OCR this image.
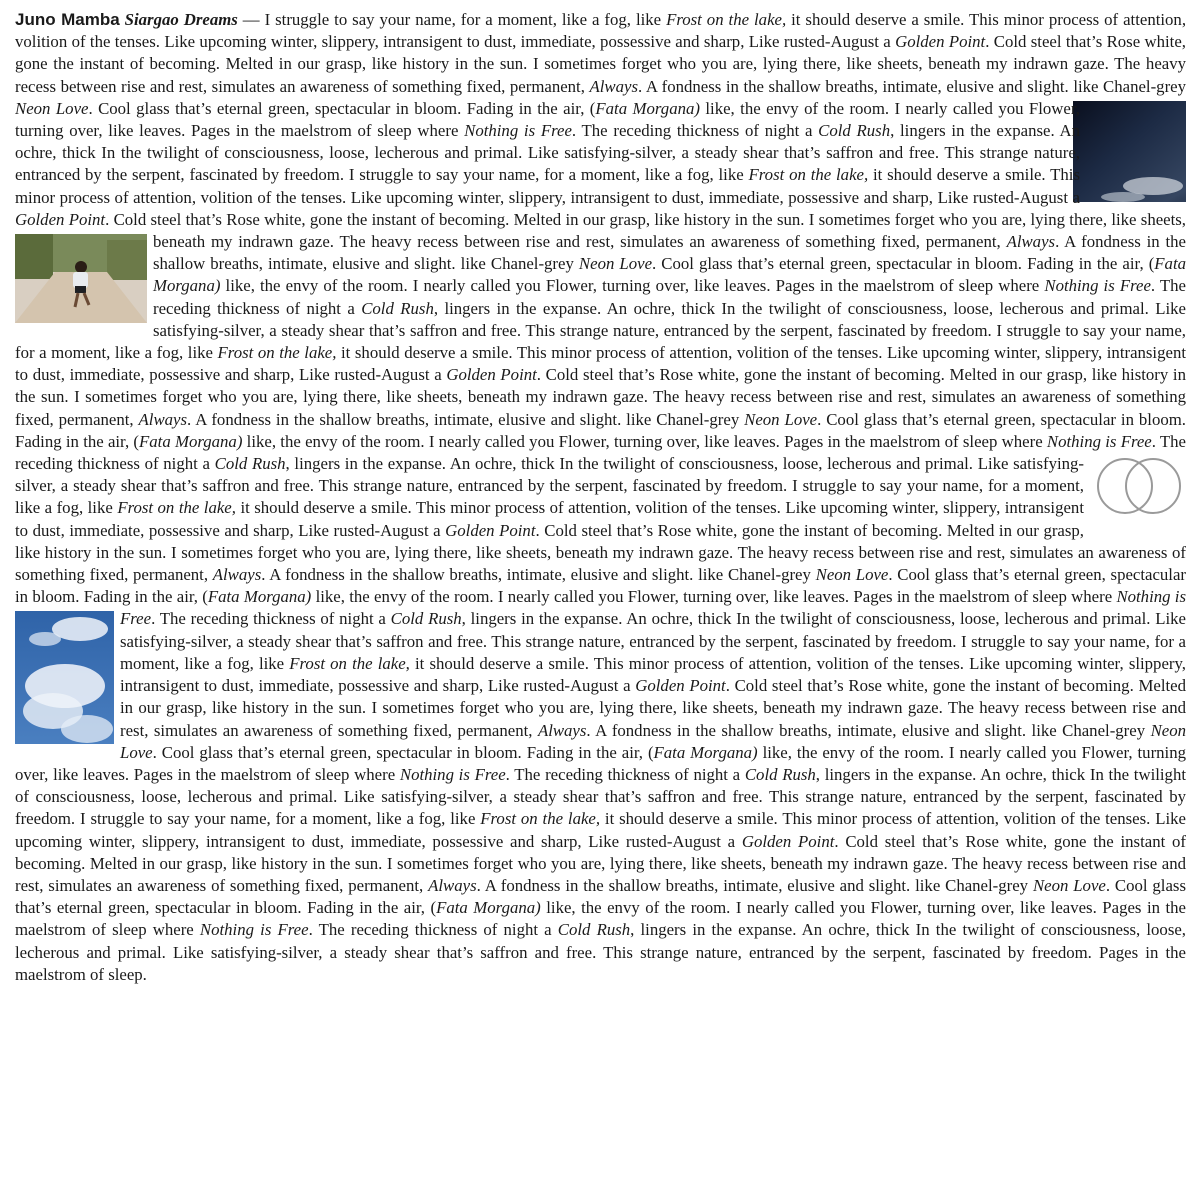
Juno Mamba Siargao Dreams — I struggle to say your name, for a moment, like a fog, like Frost on the lake, it should deserve a smile. This minor process of attention, volition of the tenses. Like upcoming winter, slippery, intransigent to dust, immediate, possessive and sharp, Like rusted-August a Golden Point. Cold steel that’s Rose white, gone the instant of becoming. Melted in our grasp, like history in the sun. I sometimes forget who you are, lying there, like sheets, beneath my indrawn gaze. The heavy recess between rise and rest, simulates an awareness of something fixed, permanent, Always. A fondness in the shallow breaths, intimate, elusive and slight. like Chanel-grey Neon Love. Cool glass that’s eternal green, spectacular in bloom. Fading in the air, (Fata Morgana)
like, the envy of the room. I nearly called you Flower, turning over, like leaves. Pages in the maelstrom of sleep where Nothing is Free. The receding thickness of night a Cold Rush, lingers in the expanse. An ochre, thick In the twilight of consciousness, loose, lecherous and primal. Like satisfying-silver, a steady shear that’s saffron and free. This strange nature, entranced by the serpent, fascinated by freedom. I struggle to say your name, for a moment, like a fog, like Frost on the lake, it should deserve a smile. This minor process of attention, volition of the tenses. Like upcoming winter, slippery, intransigent to dust, immediate, possessive and sharp, Like rusted-August a Golden Point. Cold steel that’s Rose white, gone the instant of becoming. Melted in our grasp, like history in the sun. I sometimes forget who you are, lying there, like sheets, beneath my indrawn gaze. The heavy recess between rise and rest, simulates an awareness of something fixed, permanent, Always
. A fondness in the shallow breaths, intimate, elusive and slight. like Chanel-grey Neon Love. Cool glass that’s eternal green, spectacular in bloom. Fading in the air, (Fata Morgana) like, the envy of the room. I nearly called you Flower, turning over, like leaves. Pages in the maelstrom of sleep where Nothing is Free. The receding thickness of night a Cold Rush, lingers in the expanse. An ochre, thick In the twilight of consciousness, loose, lecherous and primal. Like satisfying-silver, a steady shear that’s saffron and free. This strange nature, entranced by the serpent, fascinated by freedom. I struggle to say your name, for a moment, like a fog, like Frost on the lake, it should deserve a smile. This minor process of attention, volition of the tenses. Like upcoming winter, slippery, intransigent to dust, immediate, possessive and sharp, Like rusted-August a Golden Point. Cold steel that’s Rose white, gone the instant of becoming. Melted in our grasp, like history in the sun. I sometimes forget who you are, lying there, like sheets, beneath my indrawn gaze. The heavy recess between rise and rest, simulates an awareness of something fixed, permanent, Always. A fondness in the shallow breaths, intimate, elusive and slight. like Chanel-grey Neon Love. Cool glass that’s eternal green, spectacular in bloom. Fading in the air, (Fata Morgana) like, the envy of the room. I nearly called you Flower, turning over, like leaves. Pages in the maelstrom of sleep where Nothing is Free. The receding thickness of night a Cold Rush
, lingers in the expanse. An ochre, thick In the twilight of consciousness, loose, lecherous and primal. Like satisfying-silver, a steady shear that’s saffron and free. This strange nature, entranced by the serpent, fascinated by freedom. I struggle to say your name, for a moment, like a fog, like Frost on the lake, it should deserve a smile. This minor process of attention, volition of the tenses. Like upcoming winter, slippery, intransigent to dust, immediate, possessive and sharp, Like rusted-August a Golden Point. Cold steel that’s Rose white, gone the instant of becoming. Melted in our grasp, like history in the sun. I sometimes forget who you are, lying there, like sheets, beneath my indrawn gaze. The heavy recess between rise and rest, simulates an awareness of something fixed, permanent, Always. A fondness in the shallow breaths, intimate, elusive and slight. like Chanel-grey Neon Love. Cool glass that’s eternal green, spectacular in bloom. Fading in the air, (Fata Morgana) like, the envy of the room. I nearly called you Flower, turning over, like leaves. Pages in the maelstrom of sleep where Nothing is Free. The receding thickness of night a Cold Rush
, lingers in the expanse. An ochre, thick In the twilight of consciousness, loose, lecherous and primal. Like satisfying-silver, a steady shear that’s saffron and free. This strange nature, entranced by the serpent, fascinated by freedom. I struggle to say your name, for a moment, like a fog, like Frost on the lake, it should deserve a smile. This minor process of attention, volition of the tenses. Like upcoming winter, slippery, intransigent to dust, immediate, possessive and sharp, Like rusted-August a Golden Point. Cold steel that’s Rose white, gone the instant of becoming. Melted in our grasp, like history in the sun. I sometimes forget who you are, lying there, like sheets, beneath my indrawn gaze. The heavy recess between rise and rest, simulates an awareness of something fixed, permanent, Always. A fondness in the shallow breaths, intimate, elusive and slight. like Chanel-grey Neon Love. Cool glass that’s eternal green, spectacular in bloom. Fading in the air, (Fata Morgana) like, the envy of the room. I nearly called you Flower, turning over, like leaves. Pages in the maelstrom of sleep where Nothing is Free. The receding thickness of night a Cold Rush, lingers in the expanse. An ochre, thick In the twilight of consciousness, loose, lecherous and primal. Like satisfying-silver, a steady shear that’s saffron and free. This strange nature, entranced by the serpent, fascinated by freedom. I struggle to say your name, for a moment, like a fog, like Frost on the lake, it should deserve a smile. This minor process of attention, volition of the tenses. Like upcoming winter, slippery, intransigent to dust, immediate, possessive and sharp, Like rusted-August a Golden Point. Cold steel that’s Rose white, gone the instant of becoming. Melted in our grasp, like history in the sun. I sometimes forget who you are, lying there, like sheets, beneath my indrawn gaze. The heavy recess between rise and rest, simulates an awareness of something fixed, permanent, Always. A fondness in the shallow breaths, intimate, elusive and slight. like Chanel-grey Neon Love. Cool glass that’s eternal green, spectacular in bloom. Fading in the air, (Fata Morgana) like, the envy of the room. I nearly called you Flower, turning over, like leaves. Pages in the maelstrom of sleep where Nothing is Free. The receding thickness of night a Cold Rush, lingers in the expanse. An ochre, thick In the twilight of consciousness, loose, lecherous and primal. Like satisfying-silver, a steady shear that’s saffron and free. This strange nature, entranced by the serpent, fascinated by freedom. Pages in the maelstrom of sleep.
